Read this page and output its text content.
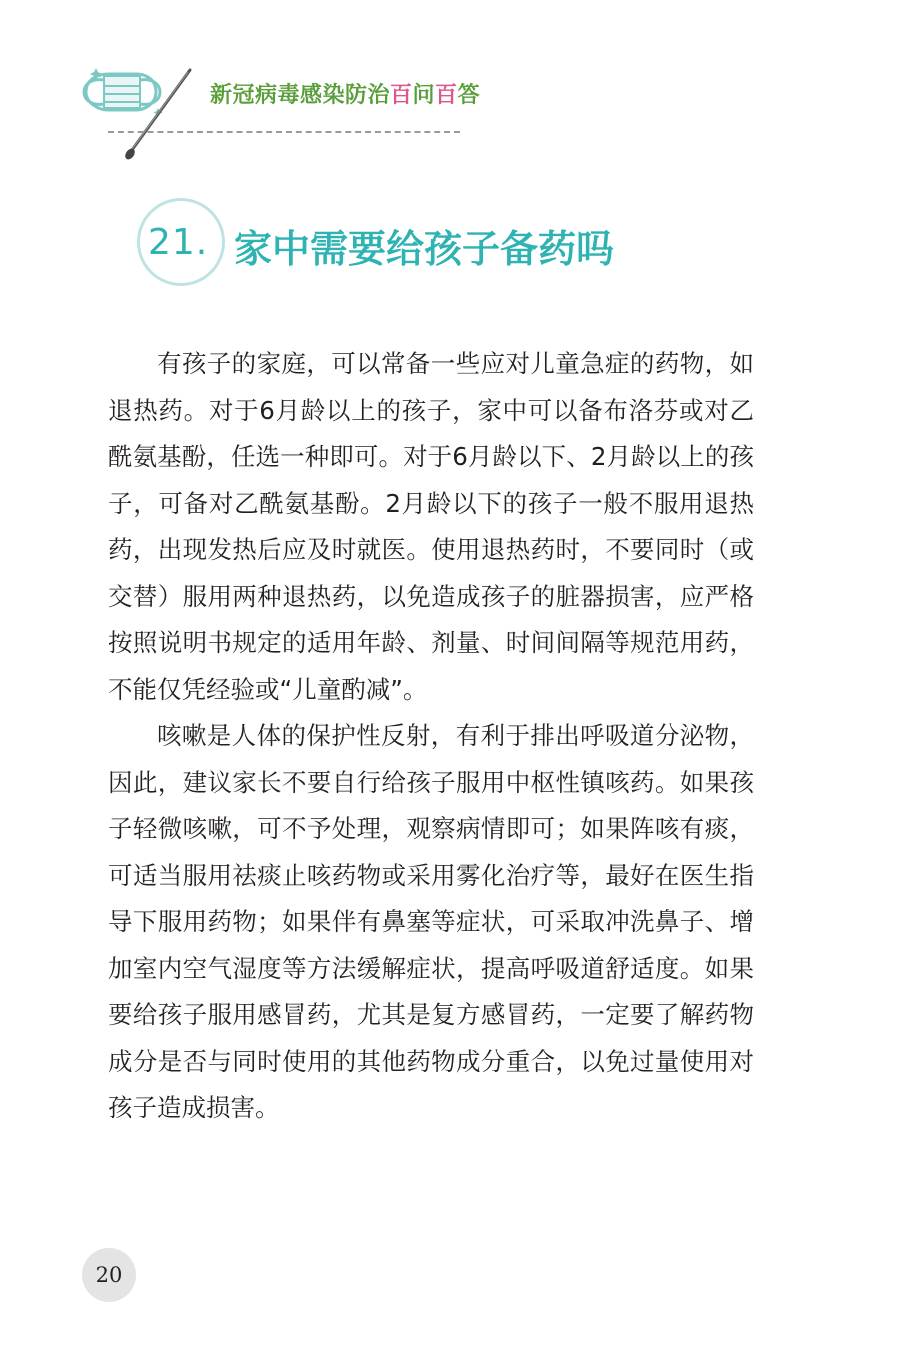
新冠病毒感染防治百问百答
21. 家中需要给孩子备药吗

有孩子的家庭，可以常备一些应对儿童急症的药物，如退热药。对于6月龄以上的孩子，家中可以备布洛芬或对乙酰氨基酚，任选一种即可。对于6月龄以下、2月龄以上的孩子，可备对乙酰氨基酚。2月龄以下的孩子一般不服用退热药，出现发热后应及时就医。使用退热药时，不要同时（或交替）服用两种退热药，以免造成孩子的脏器损害，应严格按照说明书规定的适用年龄、剂量、时间间隔等规范用药，不能仅凭经验或“儿童酌减”。

咳嗽是人体的保护性反射，有利于排出呼吸道分泌物，因此，建议家长不要自行给孩子服用中枢性镇咳药。如果孩子轻微咳嗽，可不予处理，观察病情即可；如果阵咳有痰，可适当服用祛痰止咳药物或采用雾化治疗等，最好在医生指导下服用药物；如果伴有鼻塞等症状，可采取冲洗鼻子、增加室内空气湿度等方法缓解症状，提高呼吸道舒适度。如果要给孩子服用感冒药，尤其是复方感冒药，一定要了解药物成分是否与同时使用的其他药物成分重合，以免过量使用对孩子造成损害。

20
